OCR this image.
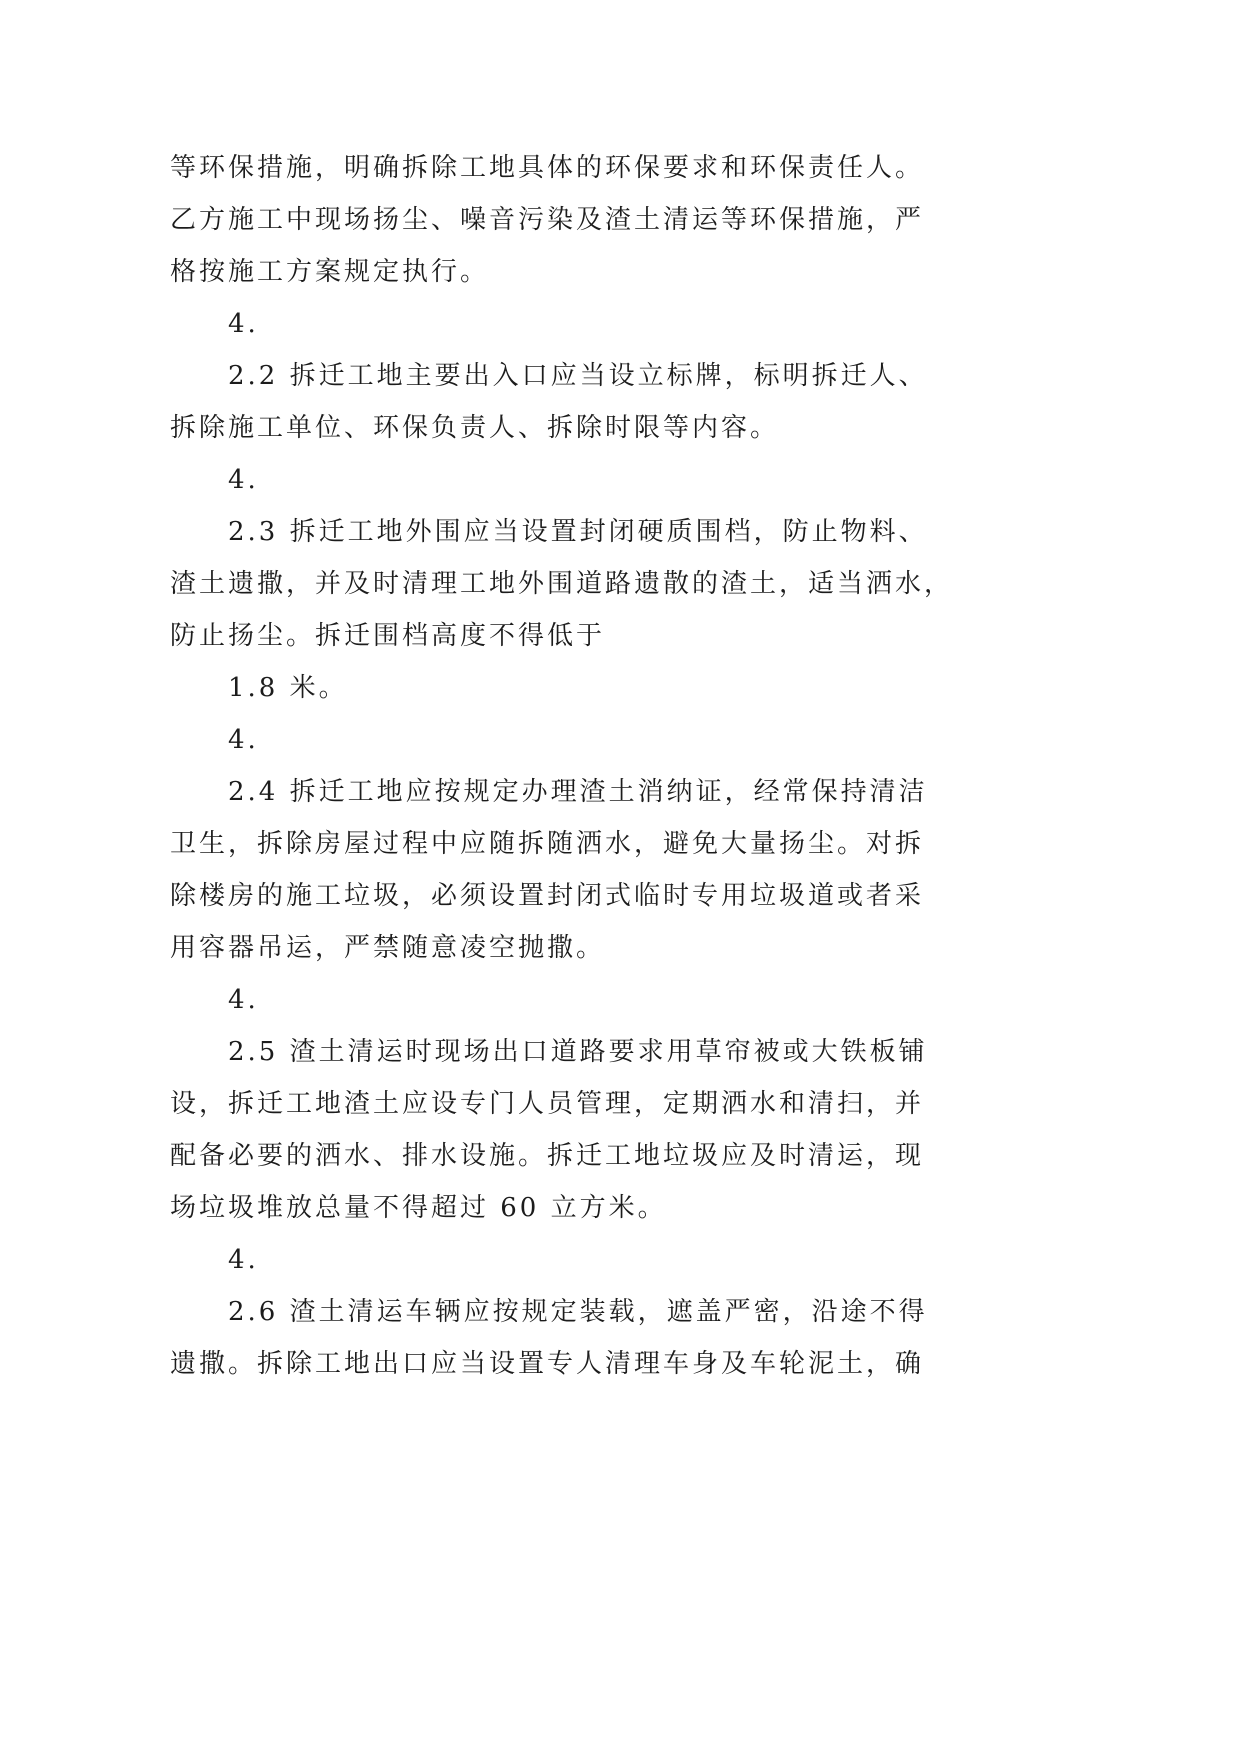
等环保措施，明确拆除工地具体的环保要求和环保责任人。
乙方施工中现场扬尘、噪音污染及渣土清运等环保措施，严
格按施工方案规定执行。
4.
2.2 拆迁工地主要出入口应当设立标牌，标明拆迁人、
拆除施工单位、环保负责人、拆除时限等内容。
4.
2.3 拆迁工地外围应当设置封闭硬质围档，防止物料、
渣土遗撒，并及时清理工地外围道路遗散的渣土，适当洒水，
防止扬尘。拆迁围档高度不得低于
1.8 米。
4.
2.4 拆迁工地应按规定办理渣土消纳证，经常保持清洁
卫生，拆除房屋过程中应随拆随洒水，避免大量扬尘。对拆
除楼房的施工垃圾，必须设置封闭式临时专用垃圾道或者采
用容器吊运，严禁随意凌空抛撒。
4.
2.5 渣土清运时现场出口道路要求用草帘被或大铁板铺
设，拆迁工地渣土应设专门人员管理，定期洒水和清扫，并
配备必要的洒水、排水设施。拆迁工地垃圾应及时清运，现
场垃圾堆放总量不得超过 60 立方米。
4.
2.6 渣土清运车辆应按规定装载，遮盖严密，沿途不得
遗撒。拆除工地出口应当设置专人清理车身及车轮泥土，确
